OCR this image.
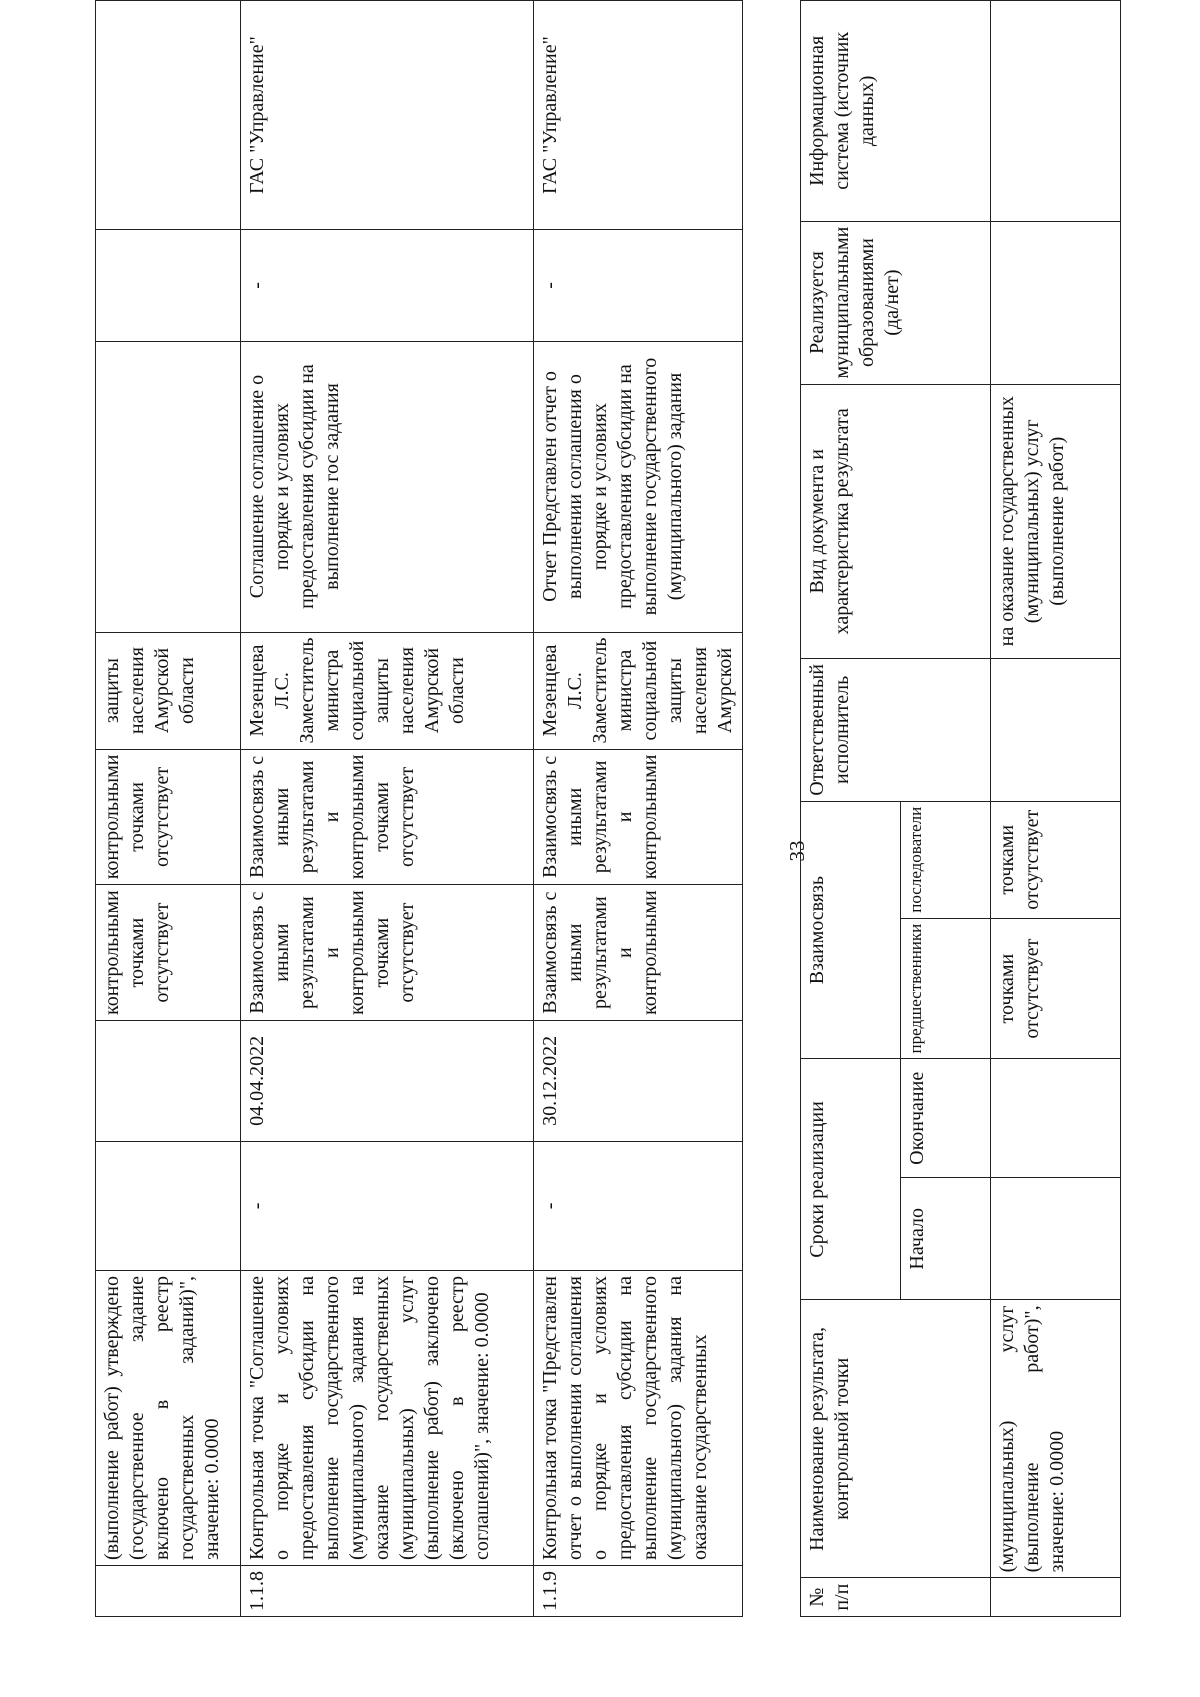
	(выполнение работ) утверждено (государственное задание включено в реестр государственных заданий)", значение: 0.0000			контрольными точками отсутствует	контрольными точками отсутствует	защиты населения Амурской области			
1.1.8	Контрольная точка "Соглашение о порядке и условиях предоставления субсидии на выполнение государственного (муниципального) задания на оказание государственных (муниципальных) услуг (выполнение работ) заключено (включено в реестр соглашений)", значение: 0.0000	-	04.04.2022	Взаимосвязь с иными результатами и контрольными точками отсутствует	Взаимосвязь с иными результатами и контрольными точками отсутствует	Мезенцева Л.С. Заместитель министра социальной защиты населения Амурской области	Соглашение соглашение о порядке и условиях предоставления субсидии на выполнение гос задания	-	ГАС "Управление"
1.1.9	Контрольная точка "Представлен отчет о выполнении соглашения о порядке и условиях предоставления субсидии на выполнение государственного (муниципального) задания на оказание государственных	-	30.12.2022	Взаимосвязь с иными результатами и контрольными	Взаимосвязь с иными результатами и контрольными	Мезенцева Л.С. Заместитель министра социальной защиты населения Амурской	Отчет Представлен отчет о выполнении соглашения о порядке и условиях предоставления субсидии на выполнение государственного (муниципального) задания	-	ГАС "Управление"
33
№ п/п	Наименование результата, контрольной точки	Сроки реализации		Взаимосвязь		Ответственный исполнитель	Вид документа и характеристика результата	Реализуется муниципальными образованиями (да/нет)	Информационная система (источник данных)
		Начало	Окончание	предшественники	последователи				
	(муниципальных) услуг (выполнение работ)", значение: 0.0000			точками отсутствует	точками отсутствует		на оказание государственных (муниципальных) услуг (выполнение работ)		
